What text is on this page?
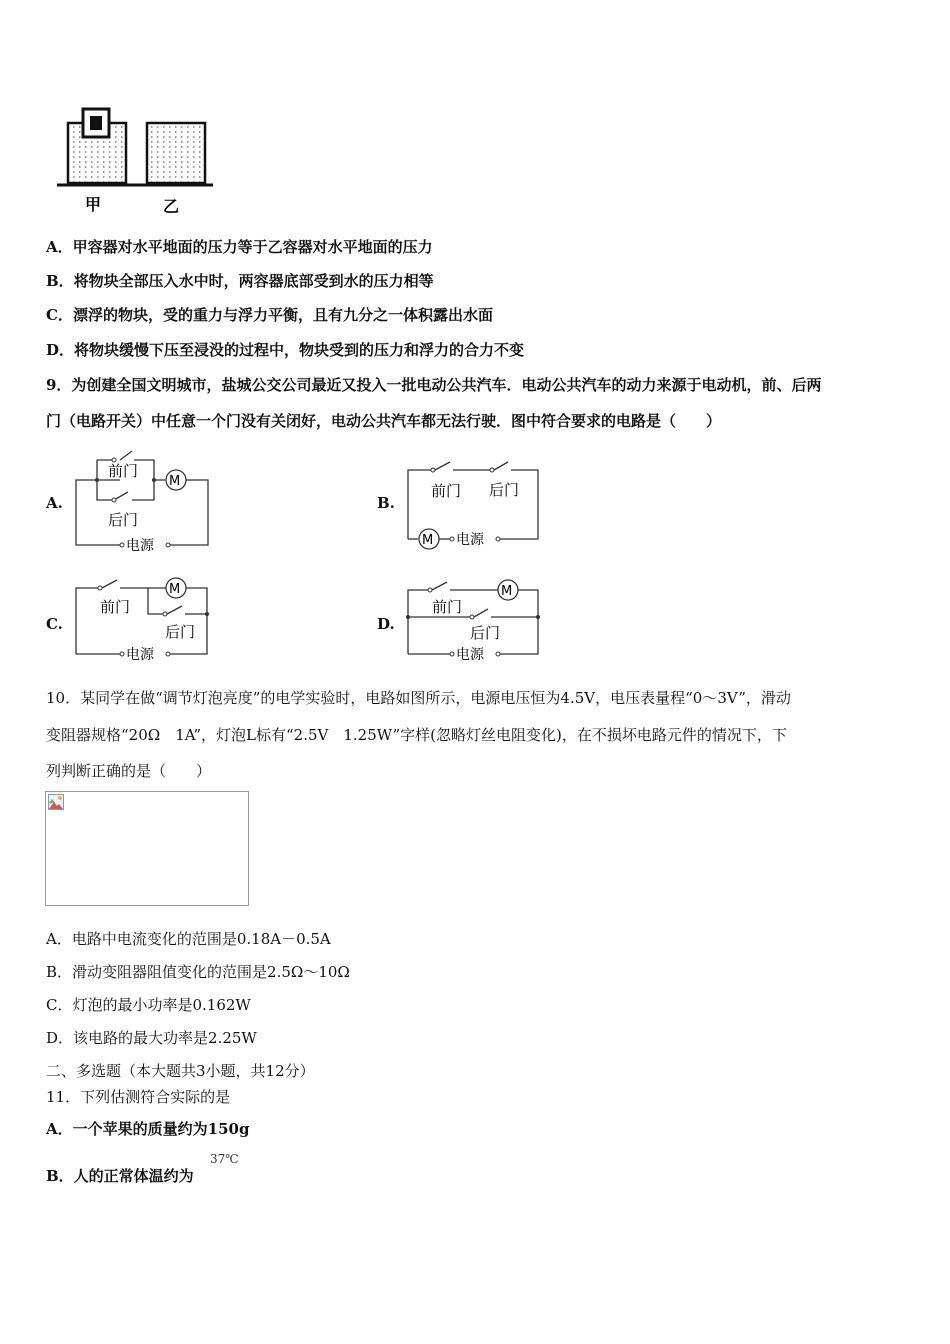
甲	乙
A．甲容器对水平地面的压力等于乙容器对水平地面的压力
B．将物块全部压入水中时，两容器底部受到水的压力相等
C．漂浮的物块，受的重力与浮力平衡，且有九分之一体积露出水面
D．将物块缓慢下压至浸没的过程中，物块受到的压力和浮力的合力不变
9．为创建全国文明城市，盐城公交公司最近又投入一批电动公共汽车．电动公共汽车的动力来源于电动机，前、后两
门（电路开关）中任意一个门没有关闭好，电动公共汽车都无法行驶．图中符合要求的电路是（　　）
A.
M
前门
后门
电源
B.
前门 后门
M 电源
C.
M
前门
后门
电源
D.
M
前门
后门
电源
10．某同学在做“调节灯泡亮度”的电学实验时，电路如图所示，电源电压恒为4.5V，电压表量程“0～3V”，滑动
变阻器规格“20Ω　1A”，灯泡L标有“2.5V　1.25W”字样(忽略灯丝电阻变化)，在不损坏电路元件的情况下，下
列判断正确的是（　　）
A．电路中电流变化的范围是0.18A－0.5A
B．滑动变阻器阻值变化的范围是2.5Ω～10Ω
C．灯泡的最小功率是0.162W
D．该电路的最大功率是2.25W
二、多选题（本大题共3小题，共12分）
11．下列估测符合实际的是
A．一个苹果的质量约为150g
B．人的正常体温约为
37℃
